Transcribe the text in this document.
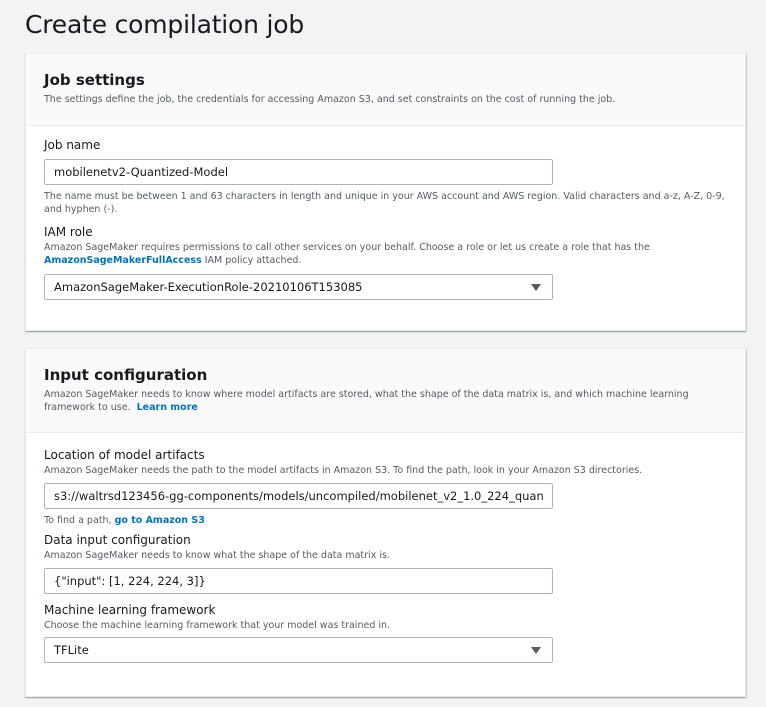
Create compilation job
Job settings

The settings define the job, the credentials for accessing Amazon S3, and set constraints on the cost of running the job.

Job name
mobilenetv2-Quantized-Model

The name must be between 1 and 63 characters in length and unique in your AWS account and AWS region. Valid characters and a-z, A-Z, 0-9, and hyphen (-).

IAM role

Amazon SageMaker requires permissions to call other services on your behalf. Choose a role or let us create a role that has the AmazonSageMakerFullAccess IAM policy attached.

AmazonSageMaker-ExecutionRole-20210106T153085
Input configuration

Amazon SageMaker needs to know where model artifacts are stored, what the shape of the data matrix is, and which machine learning framework to use. Learn more

Location of model artifacts

Amazon SageMaker needs the path to the model artifacts in Amazon S3. To find the path, look in your Amazon S3 directories.

s3://waltrsd123456-gg-components/models/uncompiled/mobilenet_v2_1.0_224_quant.tgz

To find a path, go to Amazon S3

Data input configuration

Amazon SageMaker needs to know what the shape of the data matrix is.

{"input": [1, 224, 224, 3]}
Machine learning framework

Choose the machine learning framework that your model was trained in.

TFLite
